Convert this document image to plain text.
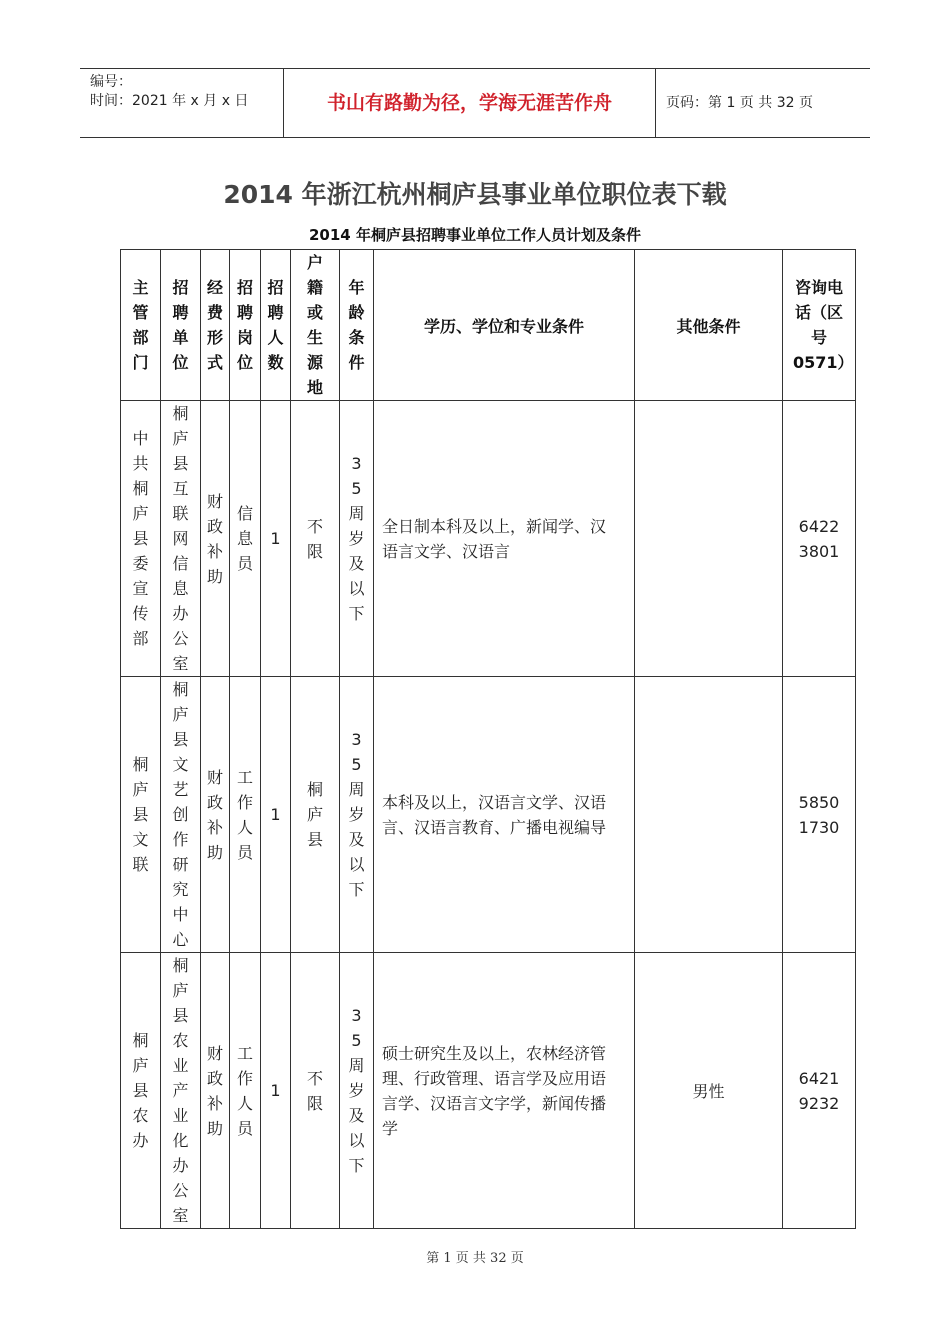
编号：
时间：2021 年 x 月 x 日	书山有路勤为径，学海无涯苦作舟	页码：第 1 页 共 32 页
2014 年浙江杭州桐庐县事业单位职位表下载
2014 年桐庐县招聘事业单位工作人员计划及条件
主管部门	招聘单位	经费形式	招聘岗位	招聘人数	户籍或生源地	年龄条件	学历、学位和专业条件	其他条件	咨询电话（区号0571）
中共桐庐县委宣传部	桐庐县互联网信息办公室	财政补助	信息员	1	不限	35周岁及以下	全日制本科及以上，新闻学、汉语言文学、汉语言		64223801
桐庐县文联	桐庐县文艺创作研究中心	财政补助	工作人员	1	桐庐县	35周岁及以下	本科及以上，汉语言文学、汉语言、汉语言教育、广播电视编导		58501730
桐庐县农办	桐庐县农业产业化办公室	财政补助	工作人员	1	不限	35周岁及以下	硕士研究生及以上，农林经济管理、行政管理、语言学及应用语言学、汉语言文字学，新闻传播学	男性	64219232
第 1 页 共 32 页
